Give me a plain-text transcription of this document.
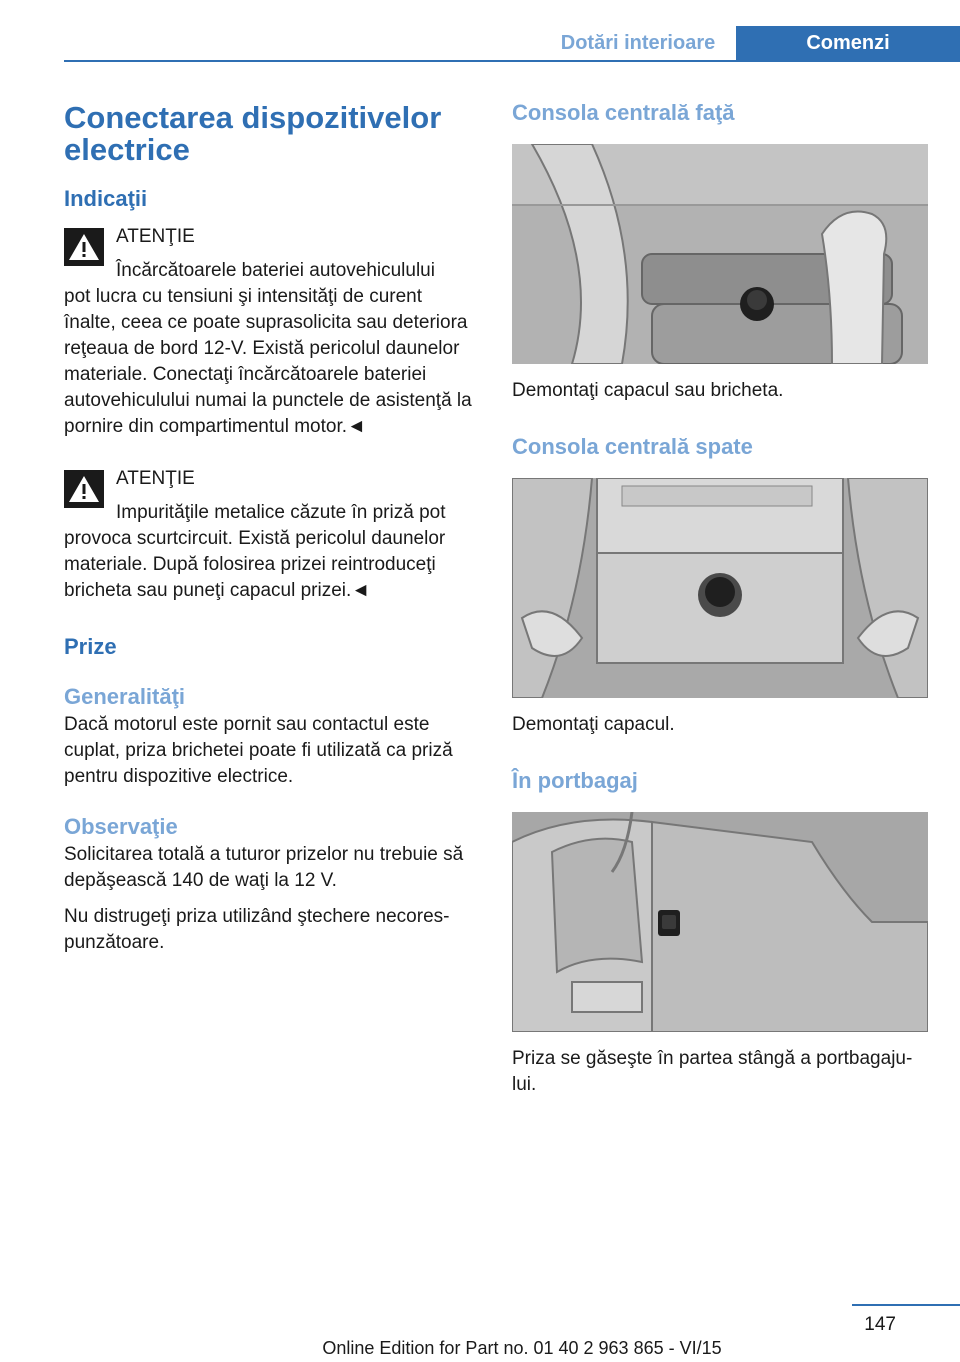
Dotări interioare	Comenzi
Conectarea dispozitivelor electrice
Indicaţii
ATENŢIE

Încărcătoarele bateriei autovehiculului

pot lucra cu tensiuni şi intensităţi de curent înalte, ceea ce poate suprasolicita sau deteriora reţeaua de bord 12-V. Există pericolul daunelor materiale. Conectaţi încărcătoarele bateriei autovehiculului numai la punctele de asistenţă la pornire din compartimentul motor.◄

ATENŢIE

Impurităţile metalice căzute în priză pot

provoca scurtcircuit. Există pericolul daunelor materiale. După folosirea prizei reintroduceţi bricheta sau puneţi capacul prizei.◄

Prize
Generalităţi

Dacă motorul este pornit sau contactul este cuplat, priza brichetei poate fi utilizată ca priză pentru dispozitive electrice.

Observaţie

Solicitarea totală a tuturor prizelor nu trebuie să depăşească 140 de waţi la 12 V.

Nu distrugeţi priza utilizând ştechere necorespunzătoare.

Consola centrală faţă

Demontaţi capacul sau bricheta.

Consola centrală spate

Demontaţi capacul.

În portbagaj

Priza se găseşte în partea stângă a portbagajului.

147
Online Edition for Part no. 01 40 2 963 865 - VI/15
